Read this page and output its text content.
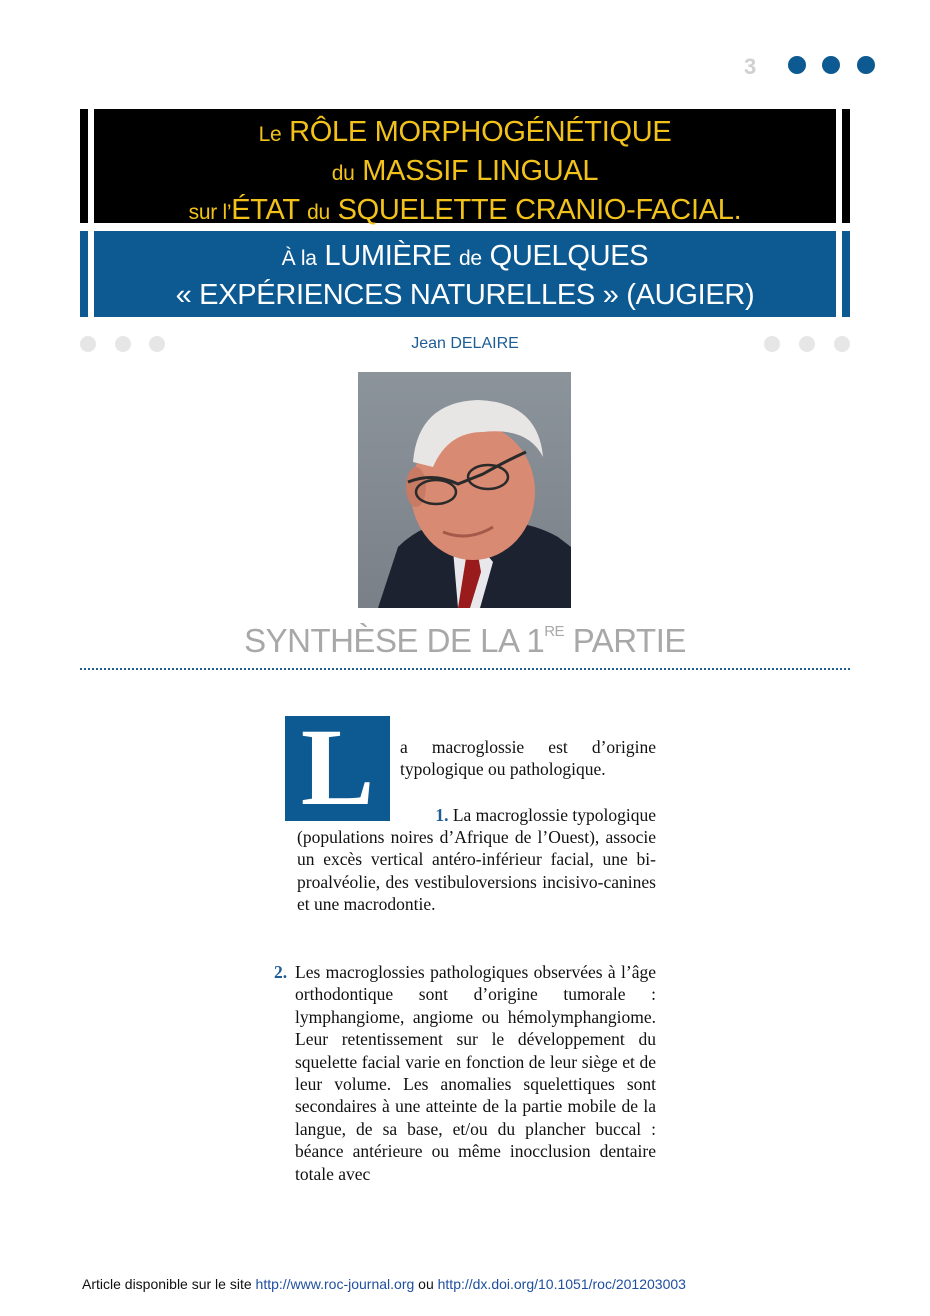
3
Le RÔLE MORPHOGÉNÉTIQUE
du MASSIF LINGUAL
sur l’ÉTAT du SQUELETTE CRANIO-FACIAL.
À la LUMIÈRE de QUELQUES
« EXPÉRIENCES NATURELLES » (AUGIER)
Jean DELAIRE
SYNTHÈSE DE LA 1RE PARTIE
L	a macroglossie est d’origine typologique ou pathologique.
1. La macroglossie typologique
(populations noires d’Afrique de l’Ouest), associe un excès vertical antéro-inférieur facial, une bi-proalvéolie, des vestibuloversions incisivo-canines et une macrodontie.
2. Les macroglossies pathologiques observées à l’âge orthodontique sont d’origine tumorale : lymphangiome, angiome ou hémolymphangiome. Leur retentissement sur le développement du squelette facial varie en fonction de leur siège et de leur volume. Les anomalies squelettiques sont secondaires à une atteinte de la partie mobile de la langue, de sa base, et/ou du plancher buccal : béance antérieure ou même inocclusion dentaire totale avec
Article disponible sur le site http://www.roc-journal.org ou http://dx.doi.org/10.1051/roc/201203003
